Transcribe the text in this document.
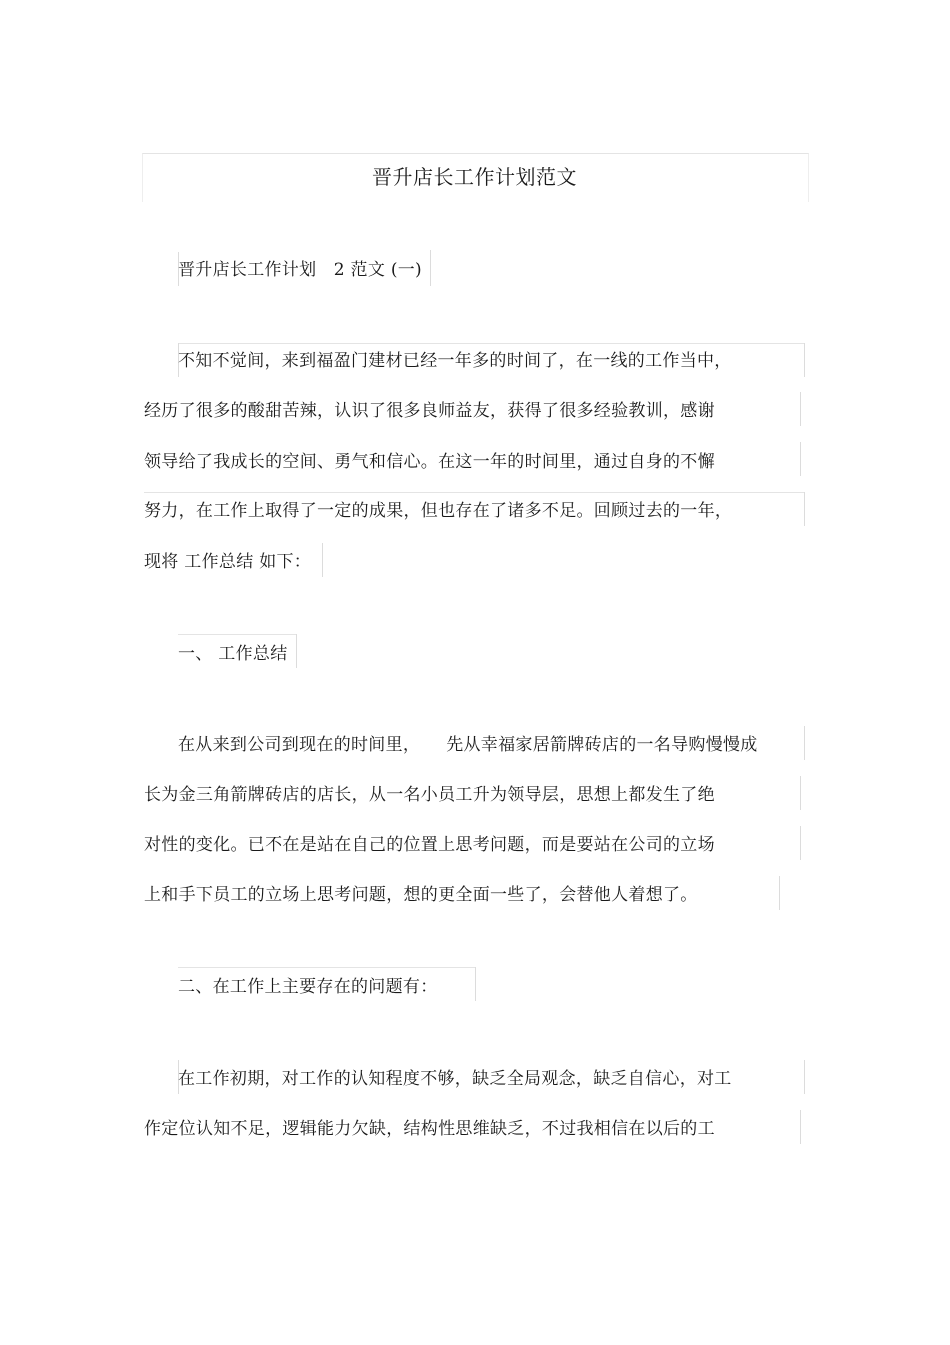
晋升店长工作计划范文
晋升店长工作计划　2 范文 (一)
不知不觉间，来到福盈门建材已经一年多的时间了，在一线的工作当中，
经历了很多的酸甜苦辣，认识了很多良师益友，获得了很多经验教训，感谢
领导给了我成长的空间、勇气和信心。在这一年的时间里，通过自身的不懈
努力，在工作上取得了一定的成果，但也存在了诸多不足。回顾过去的一年，
现将 工作总结 如下：
一、 工作总结
在从来到公司到现在的时间里， 先从幸福家居箭牌砖店的一名导购慢慢成
长为金三角箭牌砖店的店长，从一名小员工升为领导层，思想上都发生了绝
对性的变化。已不在是站在自己的位置上思考问题，而是要站在公司的立场
上和手下员工的立场上思考问题，想的更全面一些了，会替他人着想了。
二、在工作上主要存在的问题有：
在工作初期，对工作的认知程度不够，缺乏全局观念，缺乏自信心，对工
作定位认知不足，逻辑能力欠缺，结构性思维缺乏，不过我相信在以后的工
